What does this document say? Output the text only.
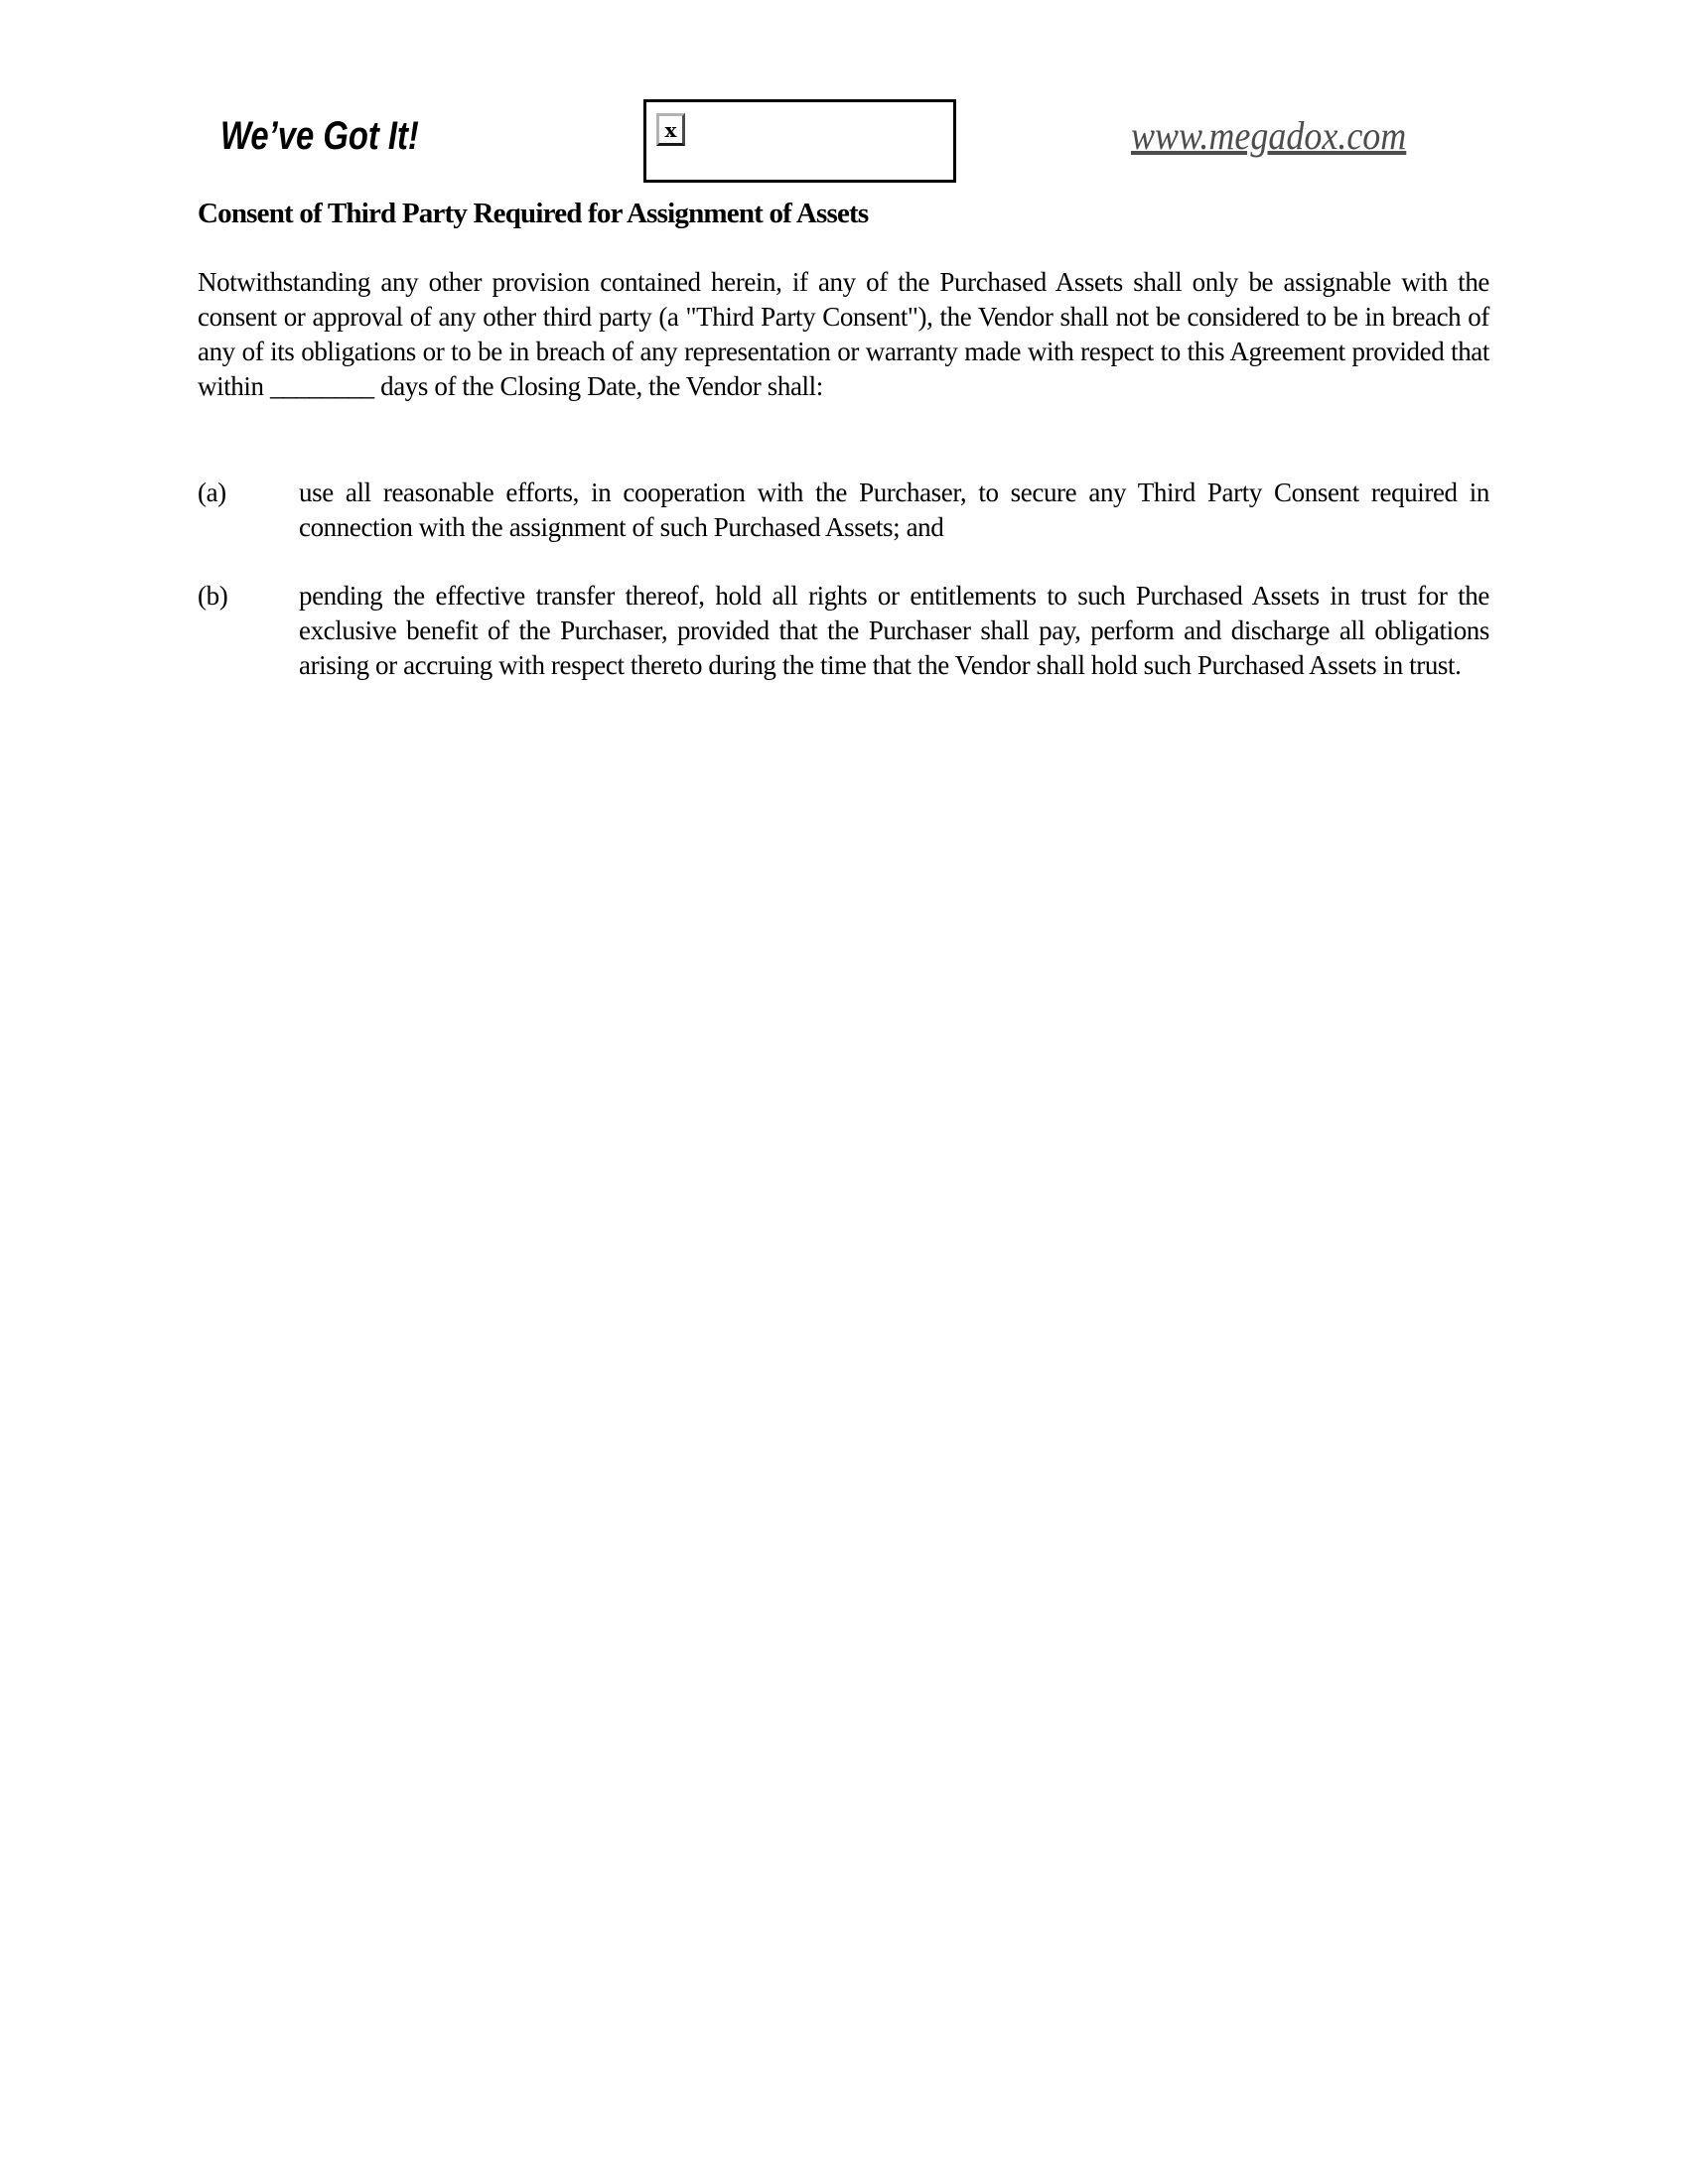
We’ve Got It!	x	www.megadox.com
Consent of Third Party Required for Assignment of Assets

Notwithstanding any other provision contained herein, if any of the Purchased Assets shall only be assignable with the consent or approval of any other third party (a "Third Party Consent"), the Vendor shall not be considered to be in breach of any of its obligations or to be in breach of any representation or warranty made with respect to this Agreement provided that within ________ days of the Closing Date, the Vendor shall:

(a)	use all reasonable efforts, in cooperation with the Purchaser, to secure any Third Party Consent required in connection with the assignment of such Purchased Assets; and
(b)	pending the effective transfer thereof, hold all rights or entitlements to such Purchased Assets in trust for the exclusive benefit of the Purchaser, provided that the Purchaser shall pay, perform and discharge all obligations arising or accruing with respect thereto during the time that the Vendor shall hold such Purchased Assets in trust.
